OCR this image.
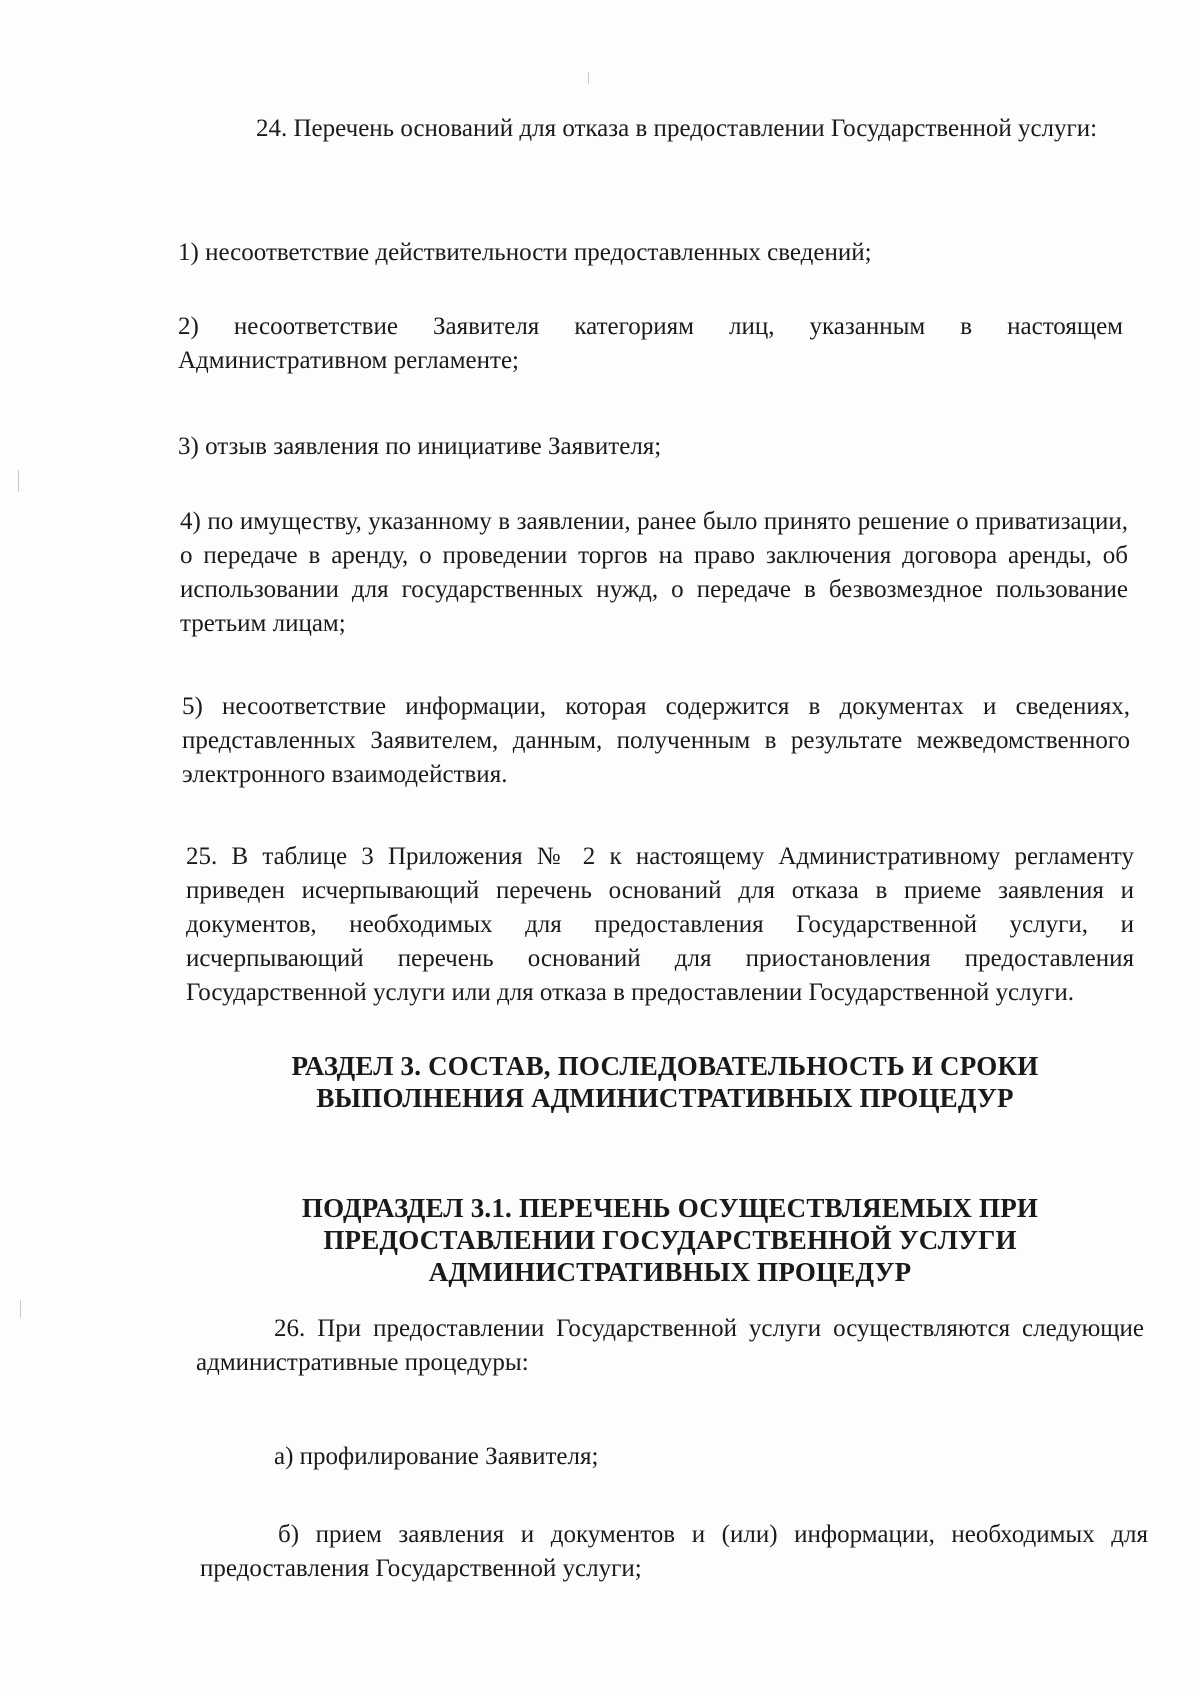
24. Перечень оснований для отказа в предоставлении Государственной услуги:
1) несоответствие действительности предоставленных сведений;
2) несоответствие Заявителя категориям лиц, указанным в настоящем Административном регламенте;
3) отзыв заявления по инициативе Заявителя;
4) по имуществу, указанному в заявлении, ранее было принято решение о приватизации, о передаче в аренду, о проведении торгов на право заключения договора аренды, об использовании для государственных нужд, о передаче в безвозмездное пользование третьим лицам;
5) несоответствие информации, которая содержится в документах и сведениях, представленных Заявителем, данным, полученным в результате межведомственного электронного взаимодействия.
25. В таблице 3 Приложения № 2 к настоящему Административному регламенту приведен исчерпывающий перечень оснований для отказа в приеме заявления и документов, необходимых для предоставления Государственной услуги, и исчерпывающий перечень оснований для приостановления предоставления Государственной услуги или для отказа в предоставлении Государственной услуги.
РАЗДЕЛ 3. СОСТАВ, ПОСЛЕДОВАТЕЛЬНОСТЬ И СРОКИ ВЫПОЛНЕНИЯ АДМИНИСТРАТИВНЫХ ПРОЦЕДУР
ПОДРАЗДЕЛ 3.1. ПЕРЕЧЕНЬ ОСУЩЕСТВЛЯЕМЫХ ПРИ ПРЕДОСТАВЛЕНИИ ГОСУДАРСТВЕННОЙ УСЛУГИ АДМИНИСТРАТИВНЫХ ПРОЦЕДУР
26. При предоставлении Государственной услуги осуществляются следующие административные процедуры:
а) профилирование Заявителя;
б) прием заявления и документов и (или) информации, необходимых для предоставления Государственной услуги;
